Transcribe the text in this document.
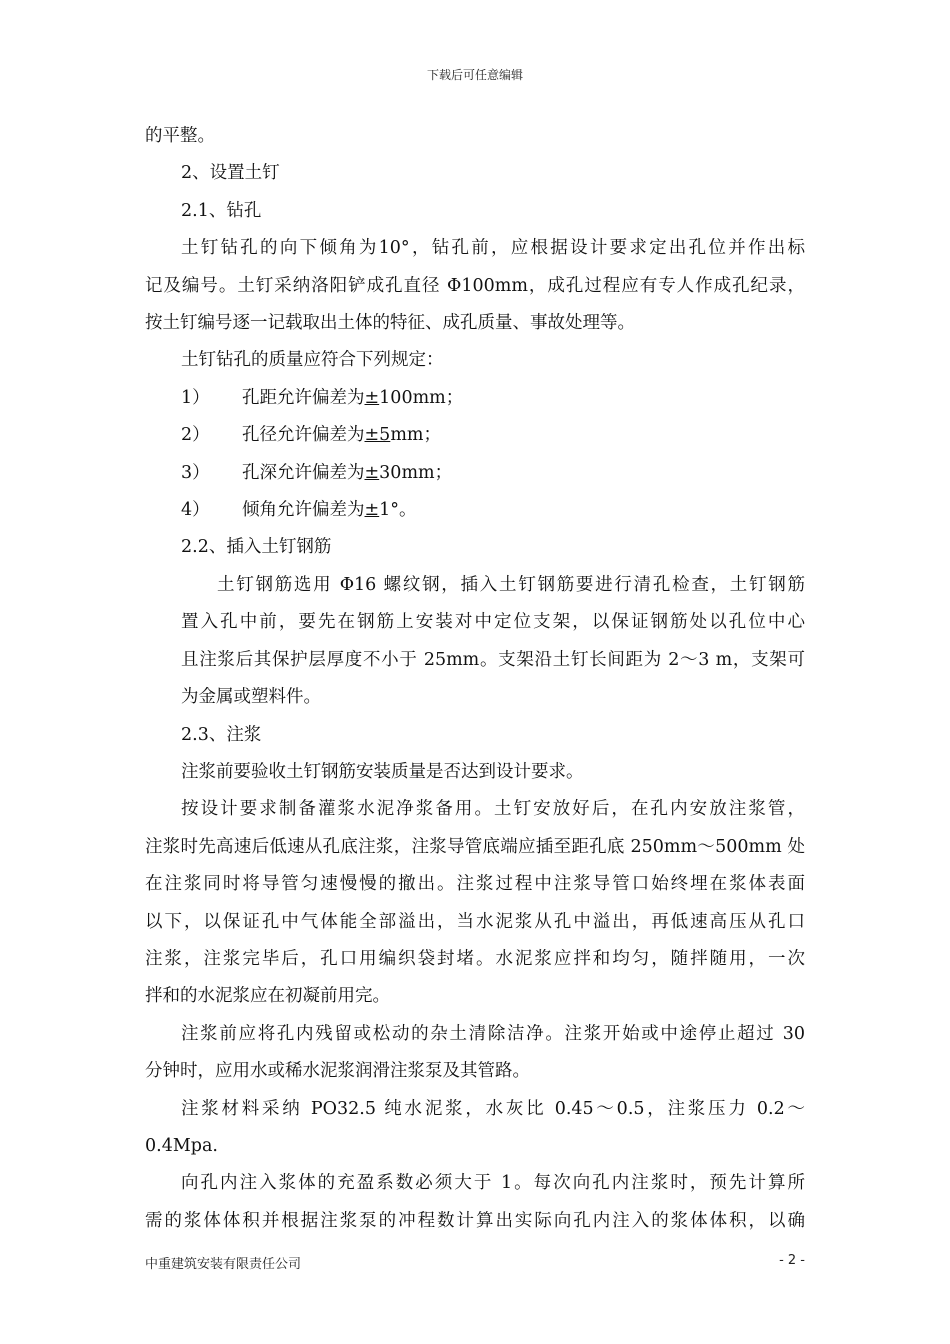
下载后可任意编辑
的平整。
2、设置土钉
2.1、钻孔
土钉钻孔的向下倾角为10°，钻孔前，应根据设计要求定出孔位并作出标
记及编号。土钉采纳洛阳铲成孔直径 Φ100mm，成孔过程应有专人作成孔纪录，
按土钉编号逐一记载取出土体的特征、成孔质量、事故处理等。
土钉钻孔的质量应符合下列规定：
1） 孔距允许偏差为±100mm；
2） 孔径允许偏差为±5mm；
3） 孔深允许偏差为±30mm；
4） 倾角允许偏差为±1°。
2.2、插入土钉钢筋
土钉钢筋选用 Φ16 螺纹钢，插入土钉钢筋要进行清孔检查，土钉钢筋
置入孔中前，要先在钢筋上安装对中定位支架，以保证钢筋处以孔位中心
且注浆后其保护层厚度不小于 25mm。支架沿土钉长间距为 2～3 m，支架可
为金属或塑料件。
2.3、注浆
注浆前要验收土钉钢筋安装质量是否达到设计要求。
按设计要求制备灌浆水泥净浆备用。土钉安放好后，在孔内安放注浆管，
注浆时先高速后低速从孔底注浆，注浆导管底端应插至距孔底 250mm～500mm 处
在注浆同时将导管匀速慢慢的撤出。注浆过程中注浆导管口始终埋在浆体表面
以下，以保证孔中气体能全部溢出，当水泥浆从孔中溢出，再低速高压从孔口
注浆，注浆完毕后，孔口用编织袋封堵。水泥浆应拌和均匀，随拌随用，一次
拌和的水泥浆应在初凝前用完。
注浆前应将孔内残留或松动的杂土清除洁净。注浆开始或中途停止超过 30
分钟时，应用水或稀水泥浆润滑注浆泵及其管路。
注浆材料采纳 PO32.5 纯水泥浆，水灰比 0.45～0.5，注浆压力 0.2～
0.4Mpa.
向孔内注入浆体的充盈系数必须大于 1。每次向孔内注浆时，预先计算所
需的浆体体积并根据注浆泵的冲程数计算出实际向孔内注入的浆体体积，以确
中重建筑安装有限责任公司	- 2 -
